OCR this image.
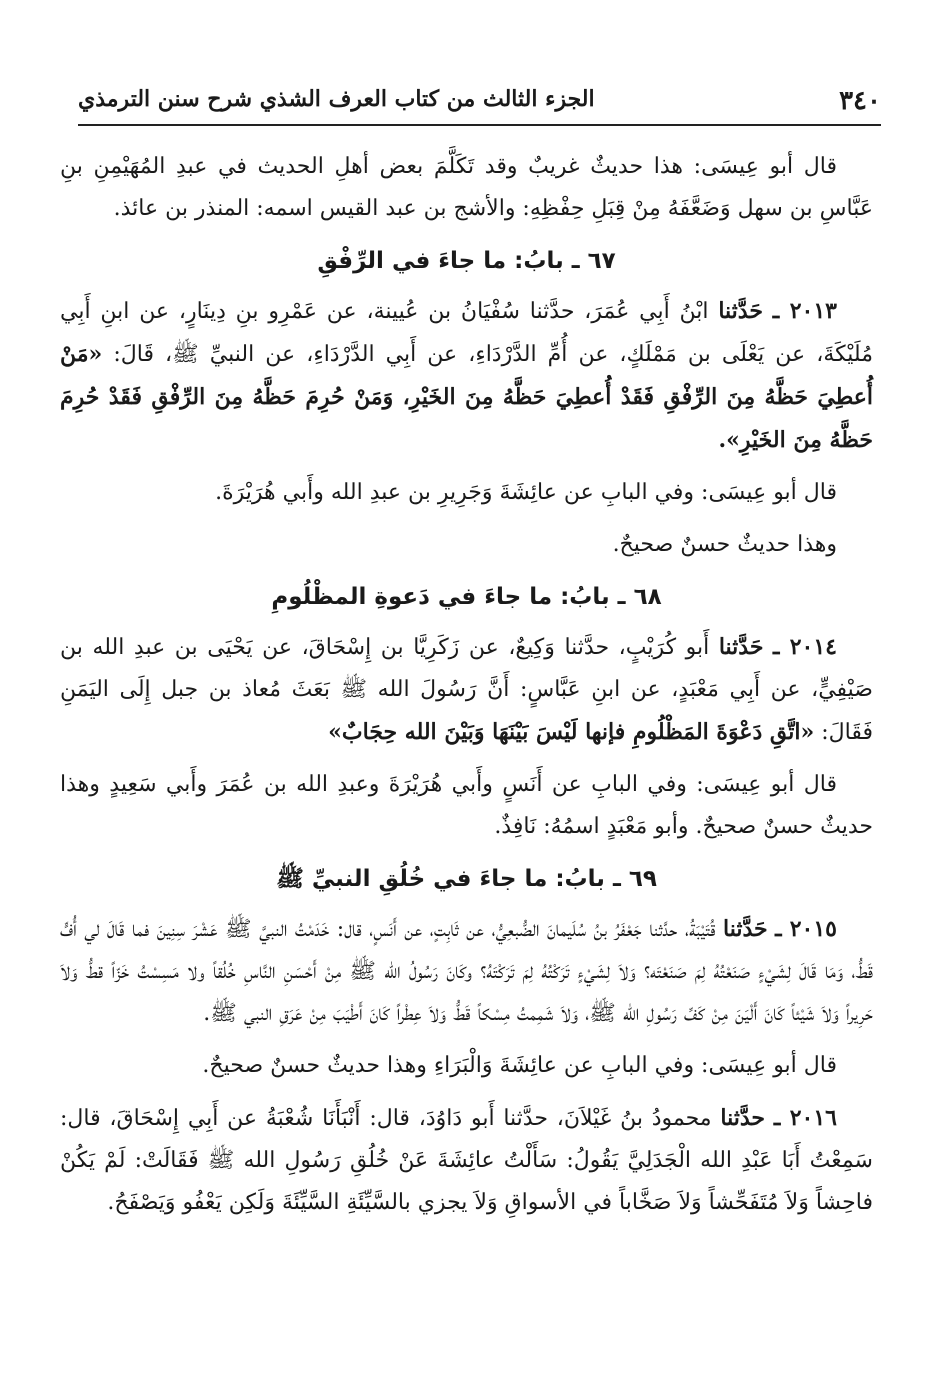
٣٤٠
الجزء الثالث من كتاب العرف الشذي شرح سنن الترمذي

قال أبو عِيسَى: هذا حديثٌ غريبٌ وقد تَكَلَّمَ بعض أهلِ الحديث في عبدِ المُهَيْمِنِ بنِ عَبَّاسِ بن سهل وَضَعَّفَهُ مِنْ قِبَلِ حِفْظِهِ: والأشج بن عبد القيس اسمه: المنذر بن عائذ.

٦٧ ـ بابُ: ما جاءَ في الرِّفْقِ

٢٠١٣ ـ حَدَّثنا ابْنُ أَبِي عُمَرَ، حدَّثنا سُفْيَانُ بن عُيينة، عن عَمْرِو بنِ دِينَارٍ، عن ابنِ أَبِي مُلَيْكَةَ، عن يَعْلَى بن مَمْلَكٍ، عن أُمِّ الدَّرْدَاءِ، عن أَبِي الدَّرْدَاءِ، عن النبيِّ ﷺ، قَالَ: «مَنْ أُعطِيَ حَظَّهُ مِنَ الرِّفْقِ فَقَدْ أُعطِيَ حَظَّهُ مِنَ الخَيْرِ، وَمَنْ حُرِمَ حَظَّهُ مِنَ الرِّفْقِ فَقَدْ حُرِمَ حَظَّهُ مِنَ الخَيْرِ».

قال أبو عِيسَى: وفي البابِ عن عائِشَةَ وَجَرِيرِ بن عبدِ الله وأَبي هُرَيْرَةَ.

وهذا حديثٌ حسنٌ صحيحٌ.

٦٨ ـ بابُ: ما جاءَ في دَعوةِ المظْلُومِ

٢٠١٤ ـ حَدَّثنا أَبو كُرَيْبٍ، حدَّثنا وَكِيعٌ، عن زَكَرِيَّا بن إِسْحَاقَ، عن يَحْيَى بن عبدِ الله بن صَيْفِيٍّ، عن أَبِي مَعْبَدٍ، عن ابنِ عَبَّاسٍ: أَنَّ رَسُولَ الله ﷺ بَعَثَ مُعاذ بن جبل إِلَى اليَمَنِ فَقَالَ: «اتَّقِ دَعْوَةَ المَظْلُومِ فإنها لَيْسَ بَيْنَهَا وَبَيْنَ الله حِجَابٌ»

قال أبو عِيسَى: وفي البابِ عن أَنَسٍ وأَبي هُرَيْرَةَ وعبدِ الله بن عُمَرَ وأَبي سَعِيدٍ وهذا حديثٌ حسنٌ صحيحٌ. وأبو مَعْبَدٍ اسمُهُ: نَافِذٌ.

٦٩ ـ بابُ: ما جاءَ في خُلُقِ النبيِّ ﷺ

٢٠١٥ ـ حَدَّثنا قُتَيْبَةُ، حدَّثنا جَعْفَرُ بنُ سُلَيمانَ الضُّبعِيُّ، عن ثَابِتٍ، عن أَنَسٍ، قال: خَدَمْتُ النبيَّ ﷺ عَشْرَ سِنِينَ فما قَالَ لي أُفٍّ قَطُّ، وَمَا قَالَ لِشَيْءٍ صَنَعْتُهُ لِمَ صَنَعْتَه؟ وَلاَ لِشَيْءٍ تَرَكْتُهُ لِمَ تَرَكْتَهُ؟ وكَانَ رَسُولُ الله ﷺ مِنْ أَحْسَنِ النَّاسِ خُلُقاً ولا مَسِسْتُ خَزّاً قطُّ وَلاَ حَرِيراً وَلاَ شَيْئاً كَانَ أَلْيَنَ مِنْ كَفِّ رَسُولِ الله ﷺ، وَلاَ شَمِمتُ مِسْكاً قَطُّ وَلاَ عِطْراً كَانَ أَطْيَبَ مِنْ عَرَقِ النبي ﷺ.

قال أبو عِيسَى: وفي البابِ عن عائِشَةَ وَالْبَرَاءِ وهذا حديثٌ حسنٌ صحيحٌ.

٢٠١٦ ـ حدَّثنا محمودُ بنُ غَيْلاَنَ، حدَّثنا أَبو دَاوُدَ، قال: أَنْبَأَنَا شُعْبَةُ عن أَبِي إِسْحَاقَ، قال: سَمِعْتُ أَبَا عَبْدِ الله الْجَدَلِيَّ يَقُولُ: سَأَلْتُ عائِشَةَ عَنْ خُلُقِ رَسُولِ الله ﷺ فَقَالَتْ: لَمْ يَكُنْ فاحِشاً وَلاَ مُتَفَحِّشاً وَلاَ صَخَّاباً في الأسواقِ وَلاَ يجزي بالسَّيِّئَةِ السَّيِّئَةَ وَلَكِن يَعْفُو وَيَصْفَحُ.
